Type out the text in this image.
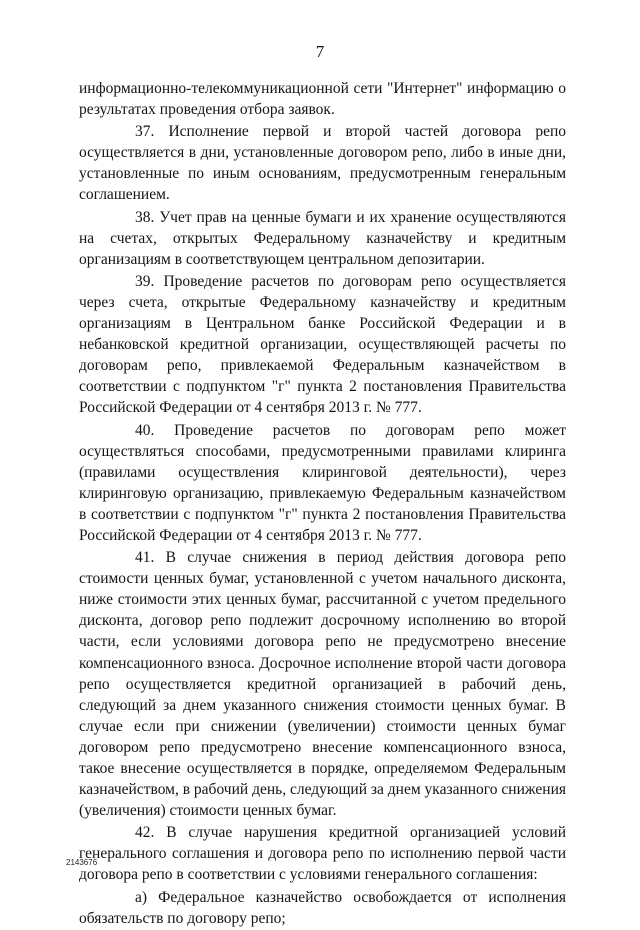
7

информационно-телекоммуникационной сети "Интернет" информацию о результатах проведения отбора заявок.

37. Исполнение первой и второй частей договора репо осуществляется в дни, установленные договором репо, либо в иные дни, установленные по иным основаниям, предусмотренным генеральным соглашением.

38. Учет прав на ценные бумаги и их хранение осуществляются на счетах, открытых Федеральному казначейству и кредитным организациям в соответствующем центральном депозитарии.

39. Проведение расчетов по договорам репо осуществляется через счета, открытые Федеральному казначейству и кредитным организациям в Центральном банке Российской Федерации и в небанковской кредитной организации, осуществляющей расчеты по договорам репо, привлекаемой Федеральным казначейством в соответствии с подпунктом "г" пункта 2 постановления Правительства Российской Федерации от 4 сентября 2013 г. № 777.

40. Проведение расчетов по договорам репо может осуществляться способами, предусмотренными правилами клиринга (правилами осуществления клиринговой деятельности), через клиринговую организацию, привлекаемую Федеральным казначейством в соответствии с подпунктом "г" пункта 2 постановления Правительства Российской Федерации от 4 сентября 2013 г. № 777.

41. В случае снижения в период действия договора репо стоимости ценных бумаг, установленной с учетом начального дисконта, ниже стоимости этих ценных бумаг, рассчитанной с учетом предельного дисконта, договор репо подлежит досрочному исполнению во второй части, если условиями договора репо не предусмотрено внесение компенсационного взноса. Досрочное исполнение второй части договора репо осуществляется кредитной организацией в рабочий день, следующий за днем указанного снижения стоимости ценных бумаг. В случае если при снижении (увеличении) стоимости ценных бумаг договором репо предусмотрено внесение компенсационного взноса, такое внесение осуществляется в порядке, определяемом Федеральным казначейством, в рабочий день, следующий за днем указанного снижения (увеличения) стоимости ценных бумаг.

42. В случае нарушения кредитной организацией условий генерального соглашения и договора репо по исполнению первой части договора репо в соответствии с условиями генерального соглашения:

а) Федеральное казначейство освобождается от исполнения обязательств по договору репо;

2143676
